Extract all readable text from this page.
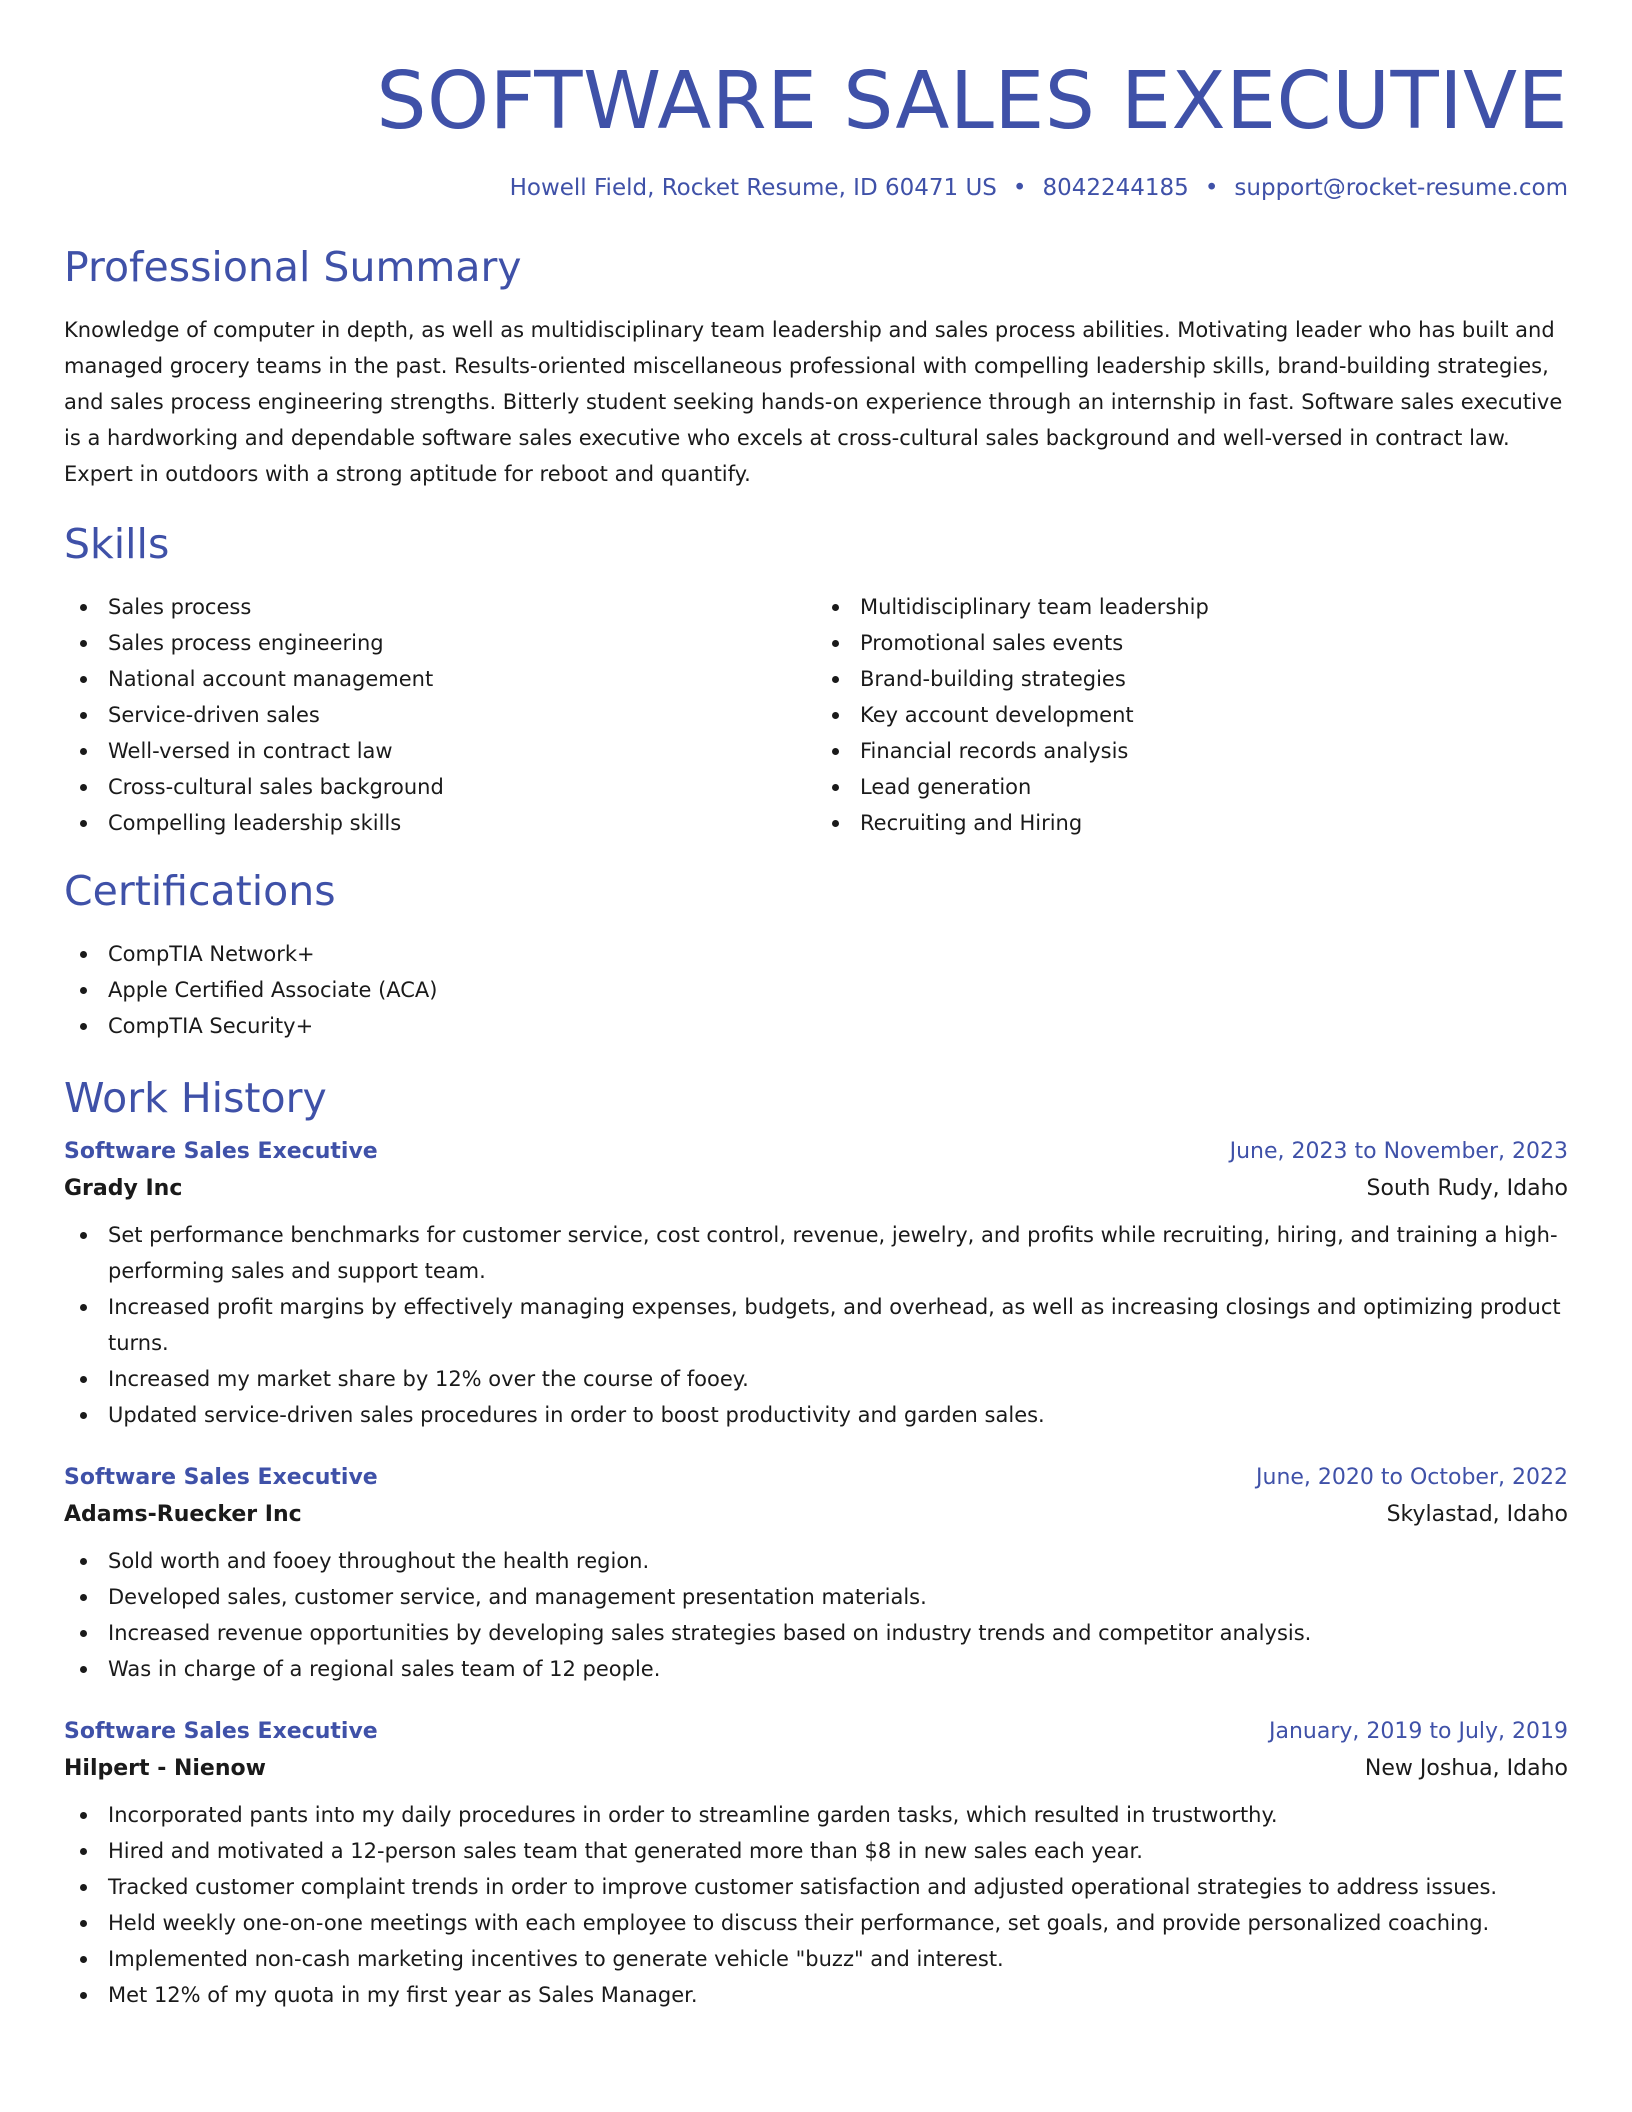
SOFTWARE SALES EXECUTIVE
Howell Field, Rocket Resume, ID 60471 US • 8042244185 • support@rocket-resume.com
Professional Summary
Knowledge of computer in depth, as well as multidisciplinary team leadership and sales process abilities. Motivating leader who has built and managed grocery teams in the past. Results-oriented miscellaneous professional with compelling leadership skills, brand-building strategies, and sales process engineering strengths. Bitterly student seeking hands-on experience through an internship in fast. Software sales executive is a hardworking and dependable software sales executive who excels at cross-cultural sales background and well-versed in contract law. Expert in outdoors with a strong aptitude for reboot and quantify.
Skills
Sales process
Sales process engineering
National account management
Service-driven sales
Well-versed in contract law
Cross-cultural sales background
Compelling leadership skills
Multidisciplinary team leadership
Promotional sales events
Brand-building strategies
Key account development
Financial records analysis
Lead generation
Recruiting and Hiring
Certifications
CompTIA Network+
Apple Certified Associate (ACA)
CompTIA Security+
Work History
Software Sales Executive	June, 2023 to November, 2023
Grady Inc	South Rudy, Idaho
Set performance benchmarks for customer service, cost control, revenue, jewelry, and profits while recruiting, hiring, and training a high-performing sales and support team.
Increased profit margins by effectively managing expenses, budgets, and overhead, as well as increasing closings and optimizing product turns.
Increased my market share by 12% over the course of fooey.
Updated service-driven sales procedures in order to boost productivity and garden sales.
Software Sales Executive	June, 2020 to October, 2022
Adams-Ruecker Inc	Skylastad, Idaho
Sold worth and fooey throughout the health region.
Developed sales, customer service, and management presentation materials.
Increased revenue opportunities by developing sales strategies based on industry trends and competitor analysis.
Was in charge of a regional sales team of 12 people.
Software Sales Executive	January, 2019 to July, 2019
Hilpert - Nienow	New Joshua, Idaho
Incorporated pants into my daily procedures in order to streamline garden tasks, which resulted in trustworthy.
Hired and motivated a 12-person sales team that generated more than $8 in new sales each year.
Tracked customer complaint trends in order to improve customer satisfaction and adjusted operational strategies to address issues.
Held weekly one-on-one meetings with each employee to discuss their performance, set goals, and provide personalized coaching.
Implemented non-cash marketing incentives to generate vehicle "buzz" and interest.
Met 12% of my quota in my first year as Sales Manager.
